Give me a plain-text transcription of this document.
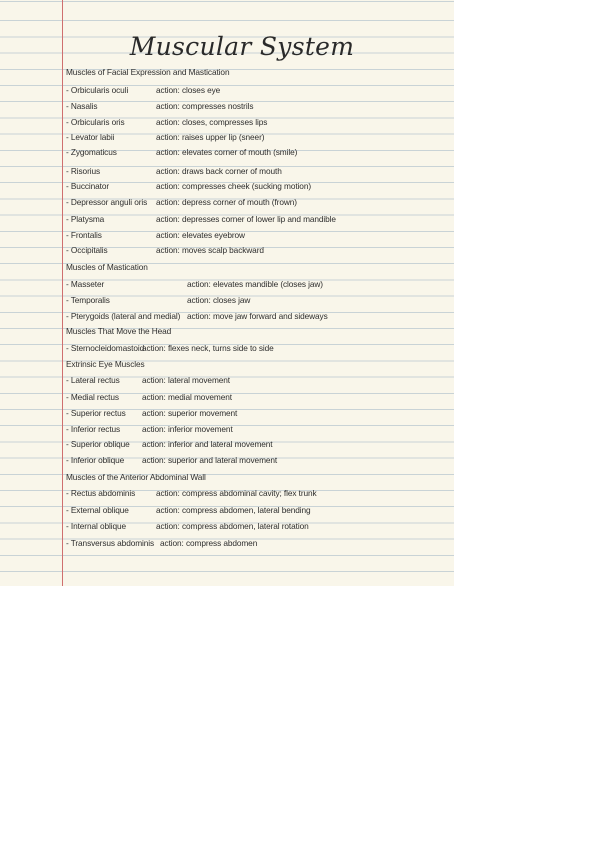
Muscular System
Muscles of Facial Expression and Mastication
- Orbicularis oculi	action: closes eye
- Nasalis	action: compresses nostrils
- Orbicularis oris	action: closes, compresses lips
- Levator labii	action: raises upper lip (sneer)
- Zygomaticus	action: elevates corner of mouth (smile)
- Risorius	action: draws back corner of mouth
- Buccinator	action: compresses cheek (sucking motion)
- Depressor anguli oris action: depress corner of mouth (frown)
- Platysma	action: depresses corner of lower lip and mandible
- Frontalis	action: elevates eyebrow
- Occipitalis	action: moves scalp backward
Muscles of Mastication
- Masseter	action: elevates mandible (closes jaw)
- Temporalis	action: closes jaw
- Pterygoids (lateral and medial) action: move jaw forward and sideways
Muscles That Move the Head
- Sternocleidomastoid
action: flexes neck, turns side to side
Extrinsic Eye Muscles
- Lateral rectus	action: lateral movement
- Medial rectus	action: medial movement
- Superior rectus action: superior movement
- Inferior rectus	action: inferior movement
- Superior oblique action: inferior and lateral movement
- Inferior oblique action: superior and lateral movement
Muscles of the Anterior Abdominal Wall
- Rectus abdominis	action: compress abdominal cavity; flex trunk
- External oblique	action: compress abdomen, lateral bending
- Internal oblique	action: compress abdomen, lateral rotation
- Transversus abdominis action: compress abdomen
